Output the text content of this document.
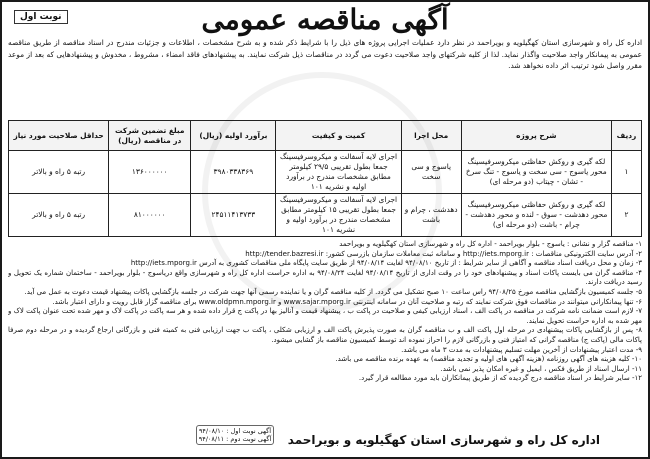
آگهی مناقصه عمومی
نوبت اول
اداره کل راه و شهرسازی استان کهگیلویه و بویراحمد در نظر دارد عملیات اجرایی پروژه های ذیل را با شرایط ذکر شده و به شرح مشخصات ، اطلاعات و جزئیات مندرج در اسناد مناقصه از طریق مناقصه عمومی به پیمانکار واجد صلاحیت واگذار نماید. لذا از کلیه شرکتهای واجد صلاحیت دعوت می گردد در مناقصات ذیل شرکت نمایند. به پیشنهادهای فاقد امضاء ، مشروط ، مخدوش و پیشنهادهایی که بعد از موعد مقرر واصل شود ترتیب اثر داده نخواهد شد.
ردیف	شرح پروژه	محل اجرا	کمیت و کیفیت	برآورد اولیه (ریال)	مبلغ تضمین شرکت در مناقصه (ریال)	حداقل صلاحیت مورد نیاز
۱	لکه گیری و روکش حفاظتی میکروسرفیسینگ محور یاسوج - سی سخت و یاسوج - تنگ سرخ - تشان - چیتاب (دو مرحله ای)	یاسوج و سی سخت	اجرای لایه آسفالت و میکروسرفیسینگ جمعا بطول تقریبی ۲۹/۵ کیلومتر مطابق مشخصات مندرج در برآورد اولیه و نشریه ۱۰۱	۳۹۸۰۳۳۸۳۶۹	۱۳۶۰۰۰۰۰۰	رتبه ۵ راه و بالاتر
۲	لکه گیری و روکش حفاظتی میکروسرفیسینگ محور دهدشت - سوق - لنده و محور دهدشت - چرام - باشت (دو مرحله ای)	دهدشت ، چرام و باشت	اجرای لایه آسفالت و میکروسرفیسینگ جمعا بطول تقریبی ۱۵ کیلومتر مطابق مشخصات مندرج در برآورد اولیه و نشریه ۱۰۱	۲۴۵۱۱۴۱۳۷۳۳	۸۱۰۰۰۰۰۰	رتبه ۵ راه و بالاتر

۱- مناقصه گزار و نشانی : یاسوج - بلوار بویراحمد - اداره کل راه و شهرسازی استان کهگیلویه و بویراحمد

۲- آدرس سایت الکترونیکی مناقصات : http://iets.mporg.ir و سامانه ثبت معاملات سازمان بازرسی کشور: http://tender.bazresi.ir

۳- زمان و محل دریافت اسناد مناقصه و آگاهی از سایر شرایط : از تاریخ ۹۴/۰۸/۱۰ لغایت ۹۴/۰۸/۱۴ از طریق سایت پایگاه ملی مناقصات کشوری به آدرس http://iets.mporg.ir

۴- مناقصه گران می بایست پاکات اسناد و پیشنهادهای خود را در وقت اداری از تاریخ ۹۴/۰۸/۱۴ لغایت ۹۴/۰۸/۲۴ به اداره حراست اداره کل راه و شهرسازی واقع دریاسوج - بلوار بویراحمد - ساختمان شماره یک تحویل و رسید دریافت دارند.

۵- جلسه کمیسیون بازگشایی مناقصه مورخ ۹۴/۰۸/۲۵ راس ساعت ۱۰ صبح تشکیل می گردد. از کلیه مناقصه گران و یا نماینده رسمی آنها جهت شرکت در جلسه بازگشایی پاکات پیشنهاد قیمت دعوت به عمل می آید.

۶- تنها پیمانکارانی میتوانند در مناقصات فوق شرکت نمایند که رتبه و صلاحیت آنان در سامانه اینترنتی www.sajar.mporg.ir و www.oldpmn.mporg.ir برای مناقصه گزار قابل رویت و دارای اعتبار باشد.

۷- لازم است ضمانت نامه شرکت در مناقصه در پاکت الف ، اسناد ارزیابی کیفی و صلاحیت در پاکت ب ، پیشنهاد قیمت و آنالیز بها در پاکت ج قرار داده شده و هر سه پاکت در پاکت لاک و مهر شده تحت عنوان پاکت لاک و مهر شده به اداره حراست تحویل نمایند.

۸- پس از بازگشایی پاکات پیشنهادی در مرحله اول پاکت الف و ب مناقصه گران به صورت پذیرش پاکت الف و ارزیابی شکلی ، پاکت ب جهت ارزیابی فنی به کمیته فنی و بازرگانی ارجاع گردیده و در مرحله دوم صرفا پاکات مالی (پاکت ج) مناقصه گرانی که امتیاز فنی و بازرگانی لازم را احراز نموده اند توسط کمیسیون مناقصه باز گشایی میشود.

۹- مدت اعتبار پیشنهادات از آخرین مهلت تسلیم پیشنهادات به مدت ۳ ماه می باشد.

۱۰- کلیه هزینه های آگهی روزنامه (هزینه آگهی های اولیه و تجدید مناقصه) به عهده برنده مناقصه می باشد.

۱۱- ارسال اسناد از طریق فکس ، ایمیل و غیره امکان پذیر نمی باشد.

۱۲- سایر شرایط در اسناد مناقصه درج گردیده که از طریق پیمانکاران باید مورد مطالعه قرار گیرد.

اداره کل راه و شهرسازی استان کهگیلویه و بویراحمد
آگهی نوبت اول : ۹۴/۰۸/۱۰
آگهی نوبت دوم : ۹۴/۰۸/۱۱
